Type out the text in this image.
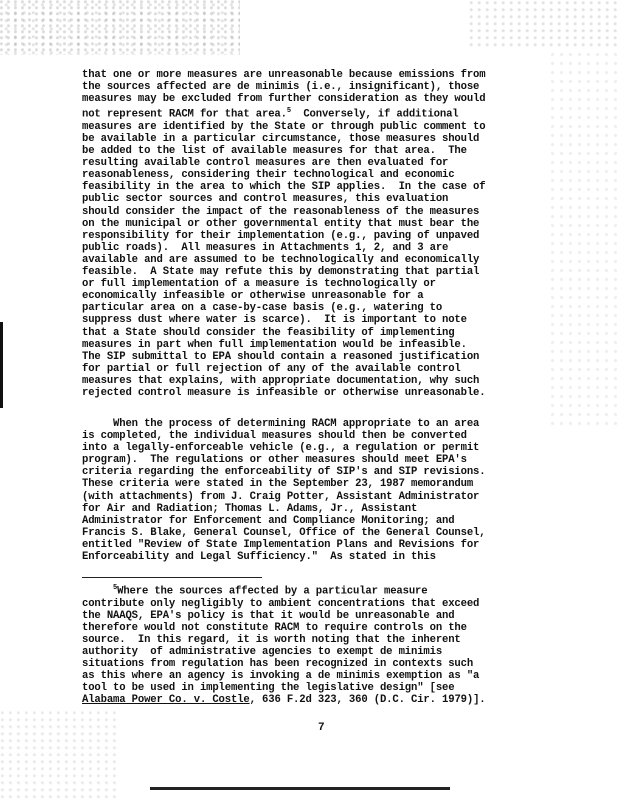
that one or more measures are unreasonable because emissions from
the sources affected are de minimis (i.e., insignificant), those
measures may be excluded from further consideration as they would
not represent RACM for that area.$^5$  Conversely, if additional
measures are identified by the State or through public comment to
be available in a particular circumstance, those measures should
be added to the list of available measures for that area.  The
resulting available control measures are then evaluated for
reasonableness, considering their technological and economic
feasibility in the area to which the SIP applies.  In the case of
public sector sources and control measures, this evaluation
should consider the impact of the reasonableness of the measures
on the municipal or other governmental entity that must bear the
responsibility for their implementation (e.g., paving of unpaved
public roads).  All measures in Attachments 1, 2, and 3 are
available and are assumed to be technologically and economically
feasible.  A State may refute this by demonstrating that partial
or full implementation of a measure is technologically or
economically infeasible or otherwise unreasonable for a
particular area on a case-by-case basis (e.g., watering to
suppress dust where water is scarce).  It is important to note
that a State should consider the feasibility of implementing
measures in part when full implementation would be infeasible.
The SIP submittal to EPA should contain a reasoned justification
for partial or full rejection of any of the available control
measures that explains, with appropriate documentation, why such
rejected control measure is infeasible or otherwise unreasonable.
When the process of determining RACM appropriate to an area
is completed, the individual measures should then be converted
into a legally-enforceable vehicle (e.g., a regulation or permit
program).  The regulations or other measures should meet EPA's
criteria regarding the enforceability of SIP's and SIP revisions.
These criteria were stated in the September 23, 1987 memorandum
(with attachments) from J. Craig Potter, Assistant Administrator
for Air and Radiation; Thomas L. Adams, Jr., Assistant
Administrator for Enforcement and Compliance Monitoring; and
Francis S. Blake, General Counsel, Office of the General Counsel,
entitled "Review of State Implementation Plans and Revisions for
Enforceability and Legal Sufficiency."  As stated in this
$^5$Where the sources affected by a particular measure
contribute only negligibly to ambient concentrations that exceed
the NAAQS, EPA's policy is that it would be unreasonable and
therefore would not constitute RACM to require controls on the
source.  In this regard, it is worth noting that the inherent
authority  of administrative agencies to exempt de minimis
situations from regulation has been recognized in contexts such
as this where an agency is invoking a de minimis exemption as "a
tool to be used in implementing the legislative design" [see
Alabama Power Co. v. Costle, 636 F.2d 323, 360 (D.C. Cir. 1979)].
7
